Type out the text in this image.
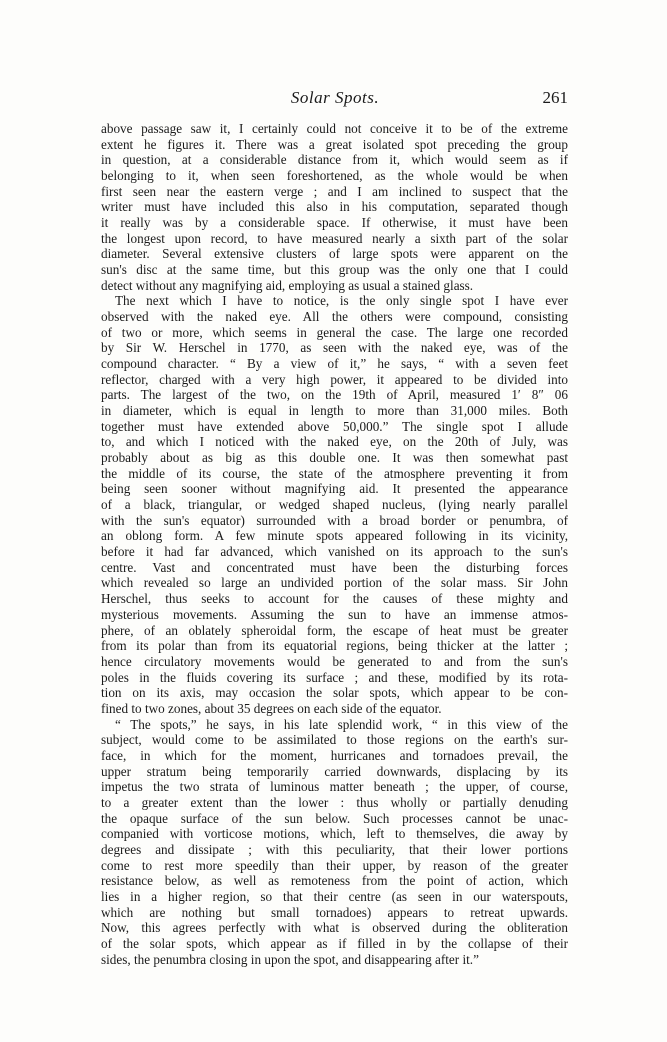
Solar Spots.	261
above passage saw it, I certainly could not conceive it to be of the extreme
extent he figures it. There was a great isolated spot preceding the group
in question, at a considerable distance from it, which would seem as if
belonging to it, when seen foreshortened, as the whole would be when
first seen near the eastern verge ; and I am inclined to suspect that the
writer must have included this also in his computation, separated though
it really was by a considerable space. If otherwise, it must have been
the longest upon record, to have measured nearly a sixth part of the solar
diameter. Several extensive clusters of large spots were apparent on the
sun's disc at the same time, but this group was the only one that I could
detect without any magnifying aid, employing as usual a stained glass.
The next which I have to notice, is the only single spot I have ever
observed with the naked eye. All the others were compound, consisting
of two or more, which seems in general the case. The large one recorded
by Sir W. Herschel in 1770, as seen with the naked eye, was of the
compound character. “ By a view of it,” he says, “ with a seven feet
reflector, charged with a very high power, it appeared to be divided into
parts. The largest of the two, on the 19th of April, measured 1′ 8″ 06
in diameter, which is equal in length to more than 31,000 miles. Both
together must have extended above 50,000.” The single spot I allude
to, and which I noticed with the naked eye, on the 20th of July, was
probably about as big as this double one. It was then somewhat past
the middle of its course, the state of the atmosphere preventing it from
being seen sooner without magnifying aid. It presented the appearance
of a black, triangular, or wedged shaped nucleus, (lying nearly parallel
with the sun's equator) surrounded with a broad border or penumbra, of
an oblong form. A few minute spots appeared following in its vicinity,
before it had far advanced, which vanished on its approach to the sun's
centre. Vast and concentrated must have been the disturbing forces
which revealed so large an undivided portion of the solar mass. Sir John
Herschel, thus seeks to account for the causes of these mighty and
mysterious movements. Assuming the sun to have an immense atmos-
phere, of an oblately spheroidal form, the escape of heat must be greater
from its polar than from its equatorial regions, being thicker at the latter ;
hence circulatory movements would be generated to and from the sun's
poles in the fluids covering its surface ; and these, modified by its rota-
tion on its axis, may occasion the solar spots, which appear to be con-
fined to two zones, about 35 degrees on each side of the equator.
“ The spots,” he says, in his late splendid work, “ in this view of the
subject, would come to be assimilated to those regions on the earth's sur-
face, in which for the moment, hurricanes and tornadoes prevail, the
upper stratum being temporarily carried downwards, displacing by its
impetus the two strata of luminous matter beneath ; the upper, of course,
to a greater extent than the lower : thus wholly or partially denuding
the opaque surface of the sun below. Such processes cannot be unac-
companied with vorticose motions, which, left to themselves, die away by
degrees and dissipate ; with this peculiarity, that their lower portions
come to rest more speedily than their upper, by reason of the greater
resistance below, as well as remoteness from the point of action, which
lies in a higher region, so that their centre (as seen in our waterspouts,
which are nothing but small tornadoes) appears to retreat upwards.
Now, this agrees perfectly with what is observed during the obliteration
of the solar spots, which appear as if filled in by the collapse of their
sides, the penumbra closing in upon the spot, and disappearing after it.”
